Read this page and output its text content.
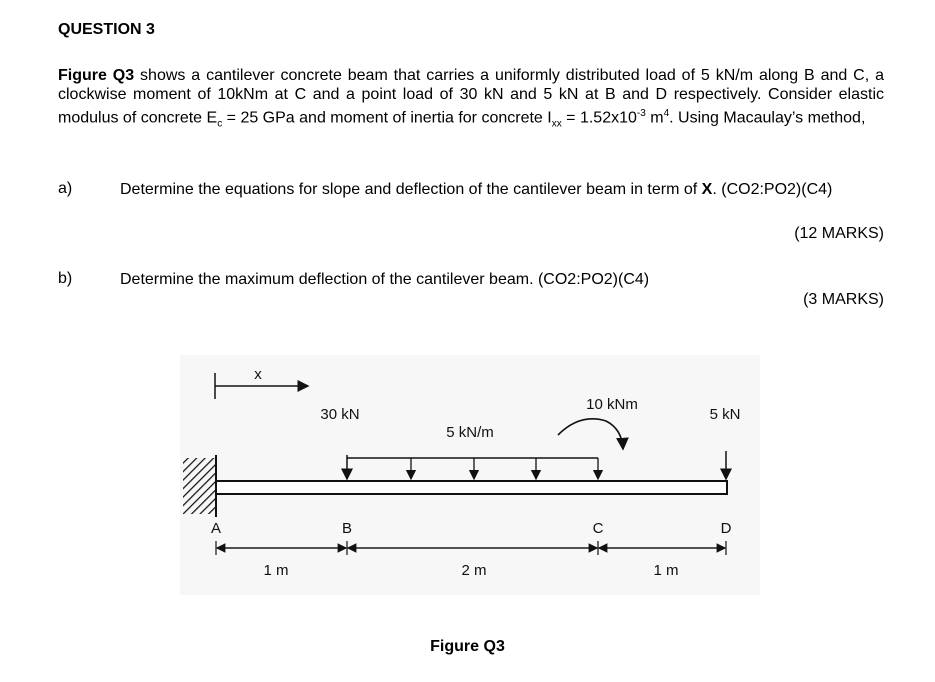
QUESTION 3
Figure Q3 shows a cantilever concrete beam that carries a uniformly distributed load of 5 kN/m along B and C, a clockwise moment of 10kNm at C and a point load of 30 kN and 5 kN at B and D respectively. Consider elastic modulus of concrete $E_c = 25$ GPa and moment of inertia for concrete $I_{xx} = 1.52x10^{-3}$ $m^4$. Using Macaulay’s method,
a)	Determine the equations for slope and deflection of the cantilever beam in term of X. (CO2:PO2)(C4)
(12 MARKS)
b)	Determine the maximum deflection of the cantilever beam. (CO2:PO2)(C4)
(3 MARKS)
x
30 kN
5 kN/m
10 kNm
5 kN
A	B	C	D
1 m	2 m	1 m
Figure Q3
